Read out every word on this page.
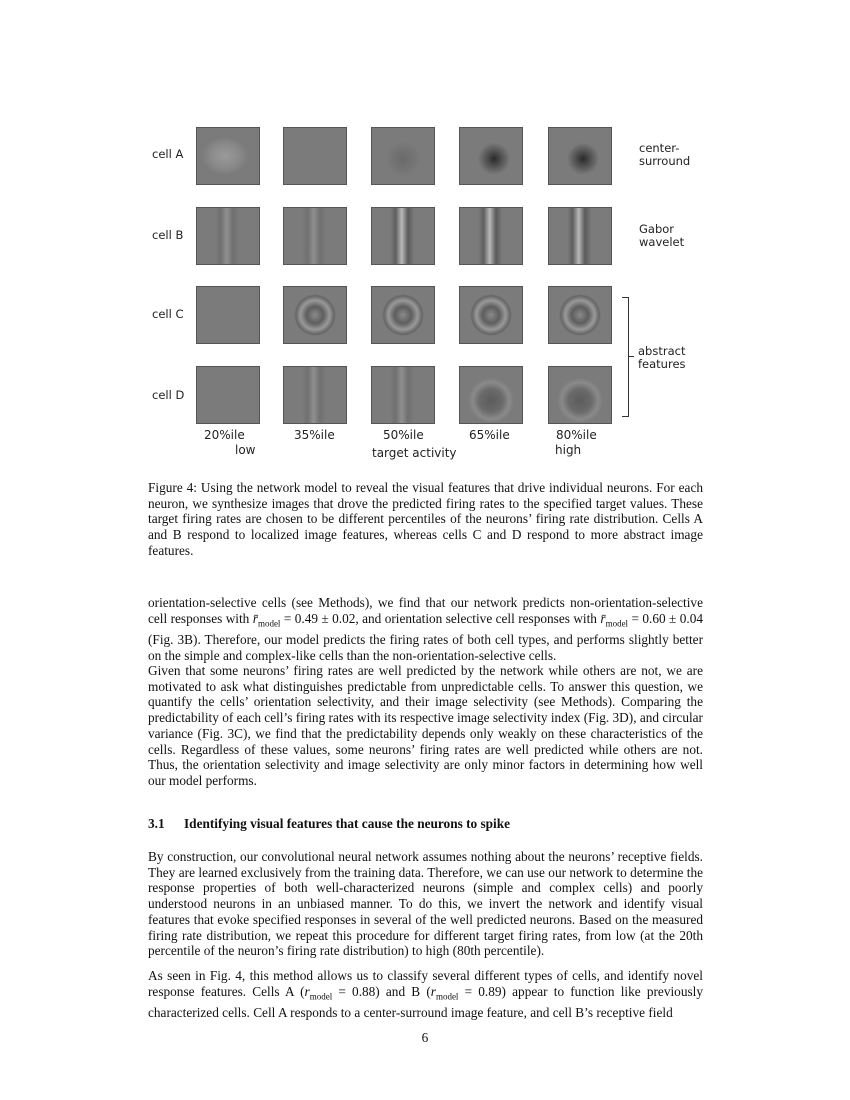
cell A
cell B
cell C
cell D
center-
surround
Gabor
wavelet
abstract
features
20%ile	35%ile	50%ile	65%ile	80%ile
low	target activity	high
Figure 4: Using the network model to reveal the visual features that drive individual neurons. For each neuron, we synthesize images that drove the predicted firing rates to the specified target values. These target firing rates are chosen to be different percentiles of the neurons’ firing rate distribution. Cells A and B respond to localized image features, whereas cells C and D respond to more abstract image features.

orientation-selective cells (see Methods), we find that our network predicts non-orientation-selective cell responses with $r̄_{model} = 0.49 \pm 0.02$, and orientation selective cell responses with $r̄_{model} = 0.60 \pm 0.04$ (Fig. 3B). Therefore, our model predicts the firing rates of both cell types, and performs slightly better on the simple and complex-like cells than the non-orientation-selective cells.

Given that some neurons’ firing rates are well predicted by the network while others are not, we are motivated to ask what distinguishes predictable from unpredictable cells. To answer this question, we quantify the cells’ orientation selectivity, and their image selectivity (see Methods). Comparing the predictability of each cell’s firing rates with its respective image selectivity index (Fig. 3D), and circular variance (Fig. 3C), we find that the predictability depends only weakly on these characteristics of the cells. Regardless of these values, some neurons’ firing rates are well predicted while others are not. Thus, the orientation selectivity and image selectivity are only minor factors in determining how well our model performs.

3.1 Identifying visual features that cause the neurons to spike

By construction, our convolutional neural network assumes nothing about the neurons’ receptive fields. They are learned exclusively from the training data. Therefore, we can use our network to determine the response properties of both well-characterized neurons (simple and complex cells) and poorly understood neurons in an unbiased manner. To do this, we invert the network and identify visual features that evoke specified responses in several of the well predicted neurons. Based on the measured firing rate distribution, we repeat this procedure for different target firing rates, from low (at the 20th percentile of the neuron’s firing rate distribution) to high (80th percentile).

As seen in Fig. 4, this method allows us to classify several different types of cells, and identify novel response features. Cells A $(r_{model} = 0.88)$ and B $(r_{model} = 0.89)$ appear to function like previously characterized cells. Cell A responds to a center-surround image feature, and cell B’s receptive field

6
